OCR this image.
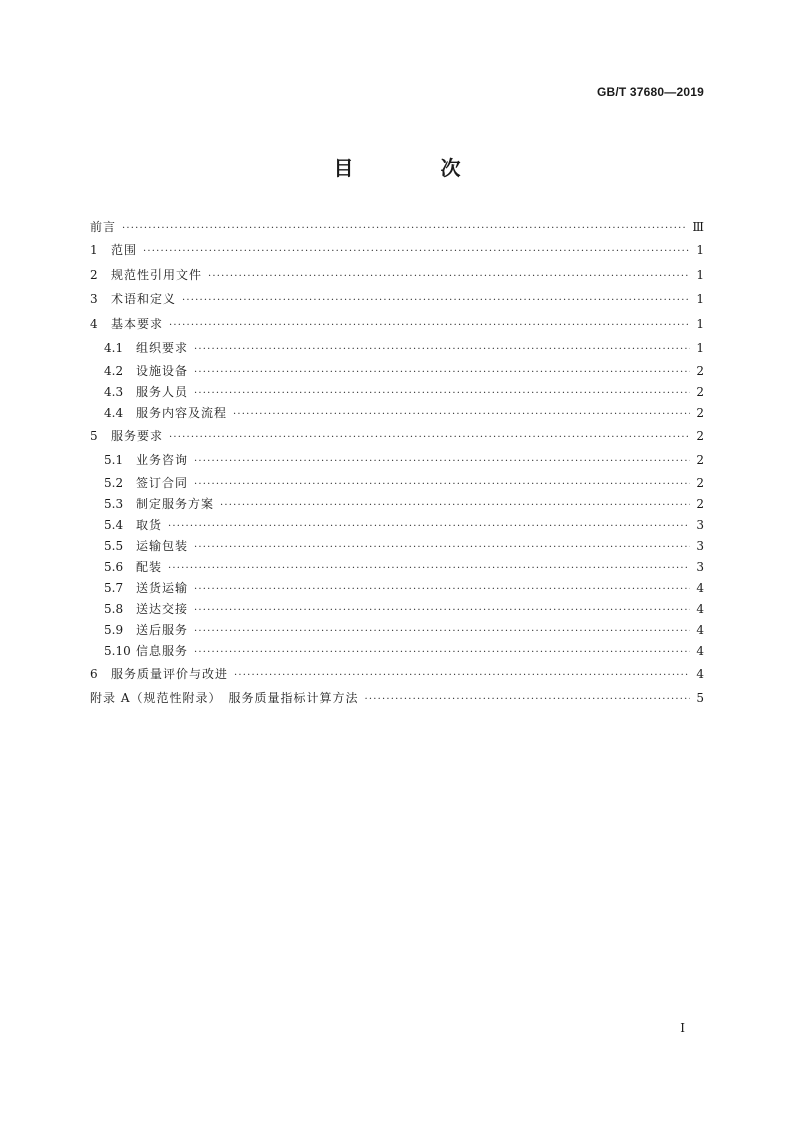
GB/T 37680—2019
目 次
前言 ·····	Ⅲ
1	范围 ·····	1
2	规范性引用文件 ·····	1
3	术语和定义 ·····	1
4	基本要求 ·····	1
4.1	组织要求 ·····	1
4.2	设施设备 ·····	2
4.3	服务人员 ·····	2
4.4	服务内容及流程 ·····	2
5	服务要求 ·····	2
5.1	业务咨询 ·····	2
5.2	签订合同 ·····	2
5.3	制定服务方案 ·····	2
5.4	取货 ·····	3
5.5	运输包装 ·····	3
5.6	配装 ·····	3
5.7	送货运输 ·····	4
5.8	送达交接 ·····	4
5.9	送后服务 ·····	4
5.10 信息服务 ·····	4
6	服务质量评价与改进 ·····	4
附录 A（规范性附录）　服务质量指标计算方法 ·····	5
Ⅰ
